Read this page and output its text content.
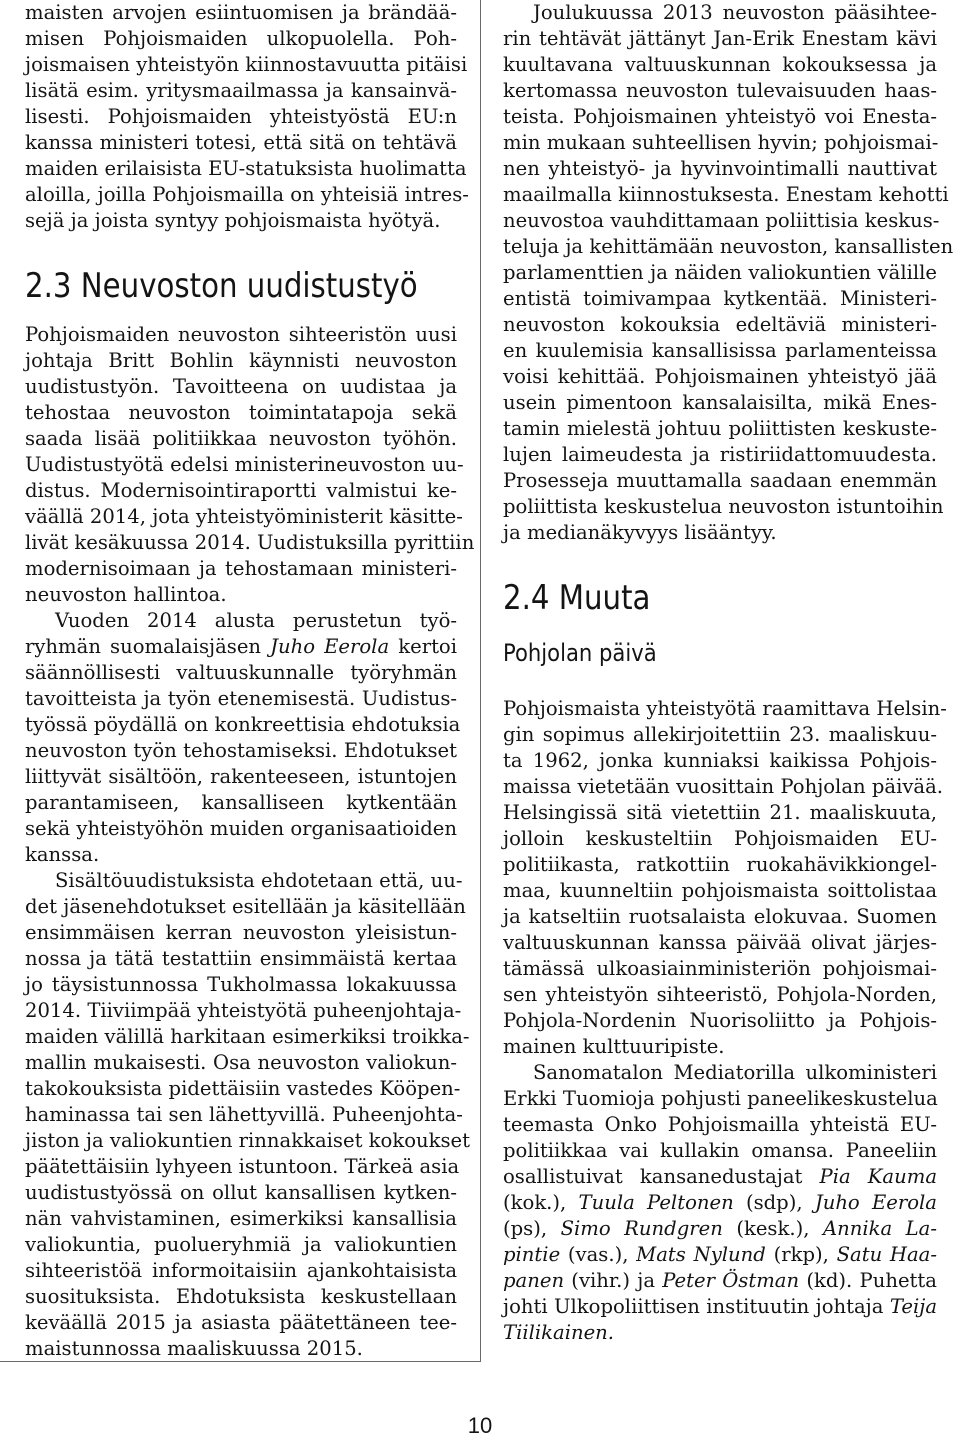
maisten arvojen esiintuomisen ja brändää-
misen Pohjoismaiden ulkopuolella. Poh-
joismaisen yhteistyön kiinnostavuutta pitäisi
lisätä esim. yritysmaailmassa ja kansainvä-
lisesti. Pohjoismaiden yhteistyöstä EU:n
kanssa ministeri totesi, että sitä on tehtävä
maiden erilaisista EU-statuksista huolimatta
aloilla, joilla Pohjoismailla on yhteisiä intres-
sejä ja joista syntyy pohjoismaista hyötyä.
2.3 Neuvoston uudistustyö
Pohjoismaiden neuvoston sihteeristön uusi
johtaja Britt Bohlin käynnisti neuvoston
uudistustyön. Tavoitteena on uudistaa ja
tehostaa neuvoston toimintatapoja sekä
saada lisää politiikkaa neuvoston työhön.
Uudistustyötä edelsi ministerineuvoston uu-
distus. Modernisointiraportti valmistui ke-
väällä 2014, jota yhteistyöministerit käsitte-
livät kesäkuussa 2014. Uudistuksilla pyrittiin
modernisoimaan ja tehostamaan ministeri-
neuvoston hallintoa.
Vuoden 2014 alusta perustetun työ-
ryhmän suomalaisjäsen Juho Eerola kertoi
säännöllisesti valtuuskunnalle työryhmän
tavoitteista ja työn etenemisestä. Uudistus-
työssä pöydällä on konkreettisia ehdotuksia
neuvoston työn tehostamiseksi. Ehdotukset
liittyvät sisältöön, rakenteeseen, istuntojen
parantamiseen, kansalliseen kytkentään
sekä yhteistyöhön muiden organisaatioiden
kanssa.
Sisältöuudistuksista ehdotetaan että, uu-
det jäsenehdotukset esitellään ja käsitellään
ensimmäisen kerran neuvoston yleisistun-
nossa ja tätä testattiin ensimmäistä kertaa
jo täysistunnossa Tukholmassa lokakuussa
2014. Tiiviimpää yhteistyötä puheenjohtaja-
maiden välillä harkitaan esimerkiksi troikka-
mallin mukaisesti. Osa neuvoston valiokun-
takokouksista pidettäisiin vastedes Kööpen-
haminassa tai sen lähettyvillä. Puheenjohta-
jiston ja valiokuntien rinnakkaiset kokoukset
päätettäisiin lyhyeen istuntoon. Tärkeä asia
uudistustyössä on ollut kansallisen kytken-
nän vahvistaminen, esimerkiksi kansallisia
valiokuntia, puolueryhmiä ja valiokuntien
sihteeristöä informoitaisiin ajankohtaisista
suosituksista. Ehdotuksista keskustellaan
keväällä 2015 ja asiasta päätettäneen tee-
maistunnossa maaliskuussa 2015.
Joulukuussa 2013 neuvoston pääsihteе-
rin tehtävät jättänyt Jan-Erik Enestam kävi
kuultavana valtuuskunnan kokouksessa ja
kertomassa neuvoston tulevaisuuden haas-
teista. Pohjoismainen yhteistyö voi Enesta-
min mukaan suhteellisen hyvin; pohjoismai-
nen yhteistyö- ja hyvinvointimalli nauttivat
maailmalla kiinnostuksesta. Enestam kehotti
neuvostoa vauhdittamaan poliittisia keskus-
teluja ja kehittämään neuvoston, kansallisten
parlamenttien ja näiden valiokuntien välille
entistä toimivampaa kytkentää. Ministeri-
neuvoston kokouksia edeltäviä ministeri-
en kuulemisia kansallisissa parlamenteissa
voisi kehittää. Pohjoismainen yhteistyö jää
usein pimentoon kansalaisilta, mikä Enes-
tamin mielestä johtuu poliittisten keskuste-
lujen laimeudesta ja ristiriidattomuudesta.
Prosesseja muuttamalla saadaan enemmän
poliittista keskustelua neuvoston istuntoihin
ja medianäkyvyys lisääntyy.
2.4 Muuta
Pohjolan päivä
Pohjoismaista yhteistyötä raamittava Helsin-
gin sopimus allekirjoitettiin 23. maaliskuu-
ta 1962, jonka kunniaksi kaikissa Pohjois-
maissa vietetään vuosittain Pohjolan päivää.
Helsingissä sitä vietettiin 21. maaliskuuta,
jolloin keskusteltiin Pohjoismaiden EU-
politiikasta, ratkottiin ruokahävikkiongel-
maa, kuunneltiin pohjoismaista soittolistaa
ja katseltiin ruotsalaista elokuvaa. Suomen
valtuuskunnan kanssa päivää olivat järjes-
tämässä ulkoasiainministeriön pohjoismai-
sen yhteistyön sihteeristö, Pohjola-Norden,
Pohjola-Nordenin Nuorisoliitto ja Pohjois-
mainen kulttuuripiste.
Sanomatalon Mediatorilla ulkoministeri
Erkki Tuomioja pohjusti paneelikeskustelua
teemasta Onko Pohjoismailla yhteistä EU-
politiikkaa vai kullakin omansa. Paneeliin
osallistuivat kansanedustajat Pia Kauma
(kok.), Tuula Peltonen (sdp), Juho Eerola
(ps), Simo Rundgren (kesk.), Annika La-
pintie (vas.), Mats Nylund (rkp), Satu Haa-
panen (vihr.) ja Peter Östman (kd). Puhetta
johti Ulkopoliittisen instituutin johtaja Teija
Tiilikainen.
10
